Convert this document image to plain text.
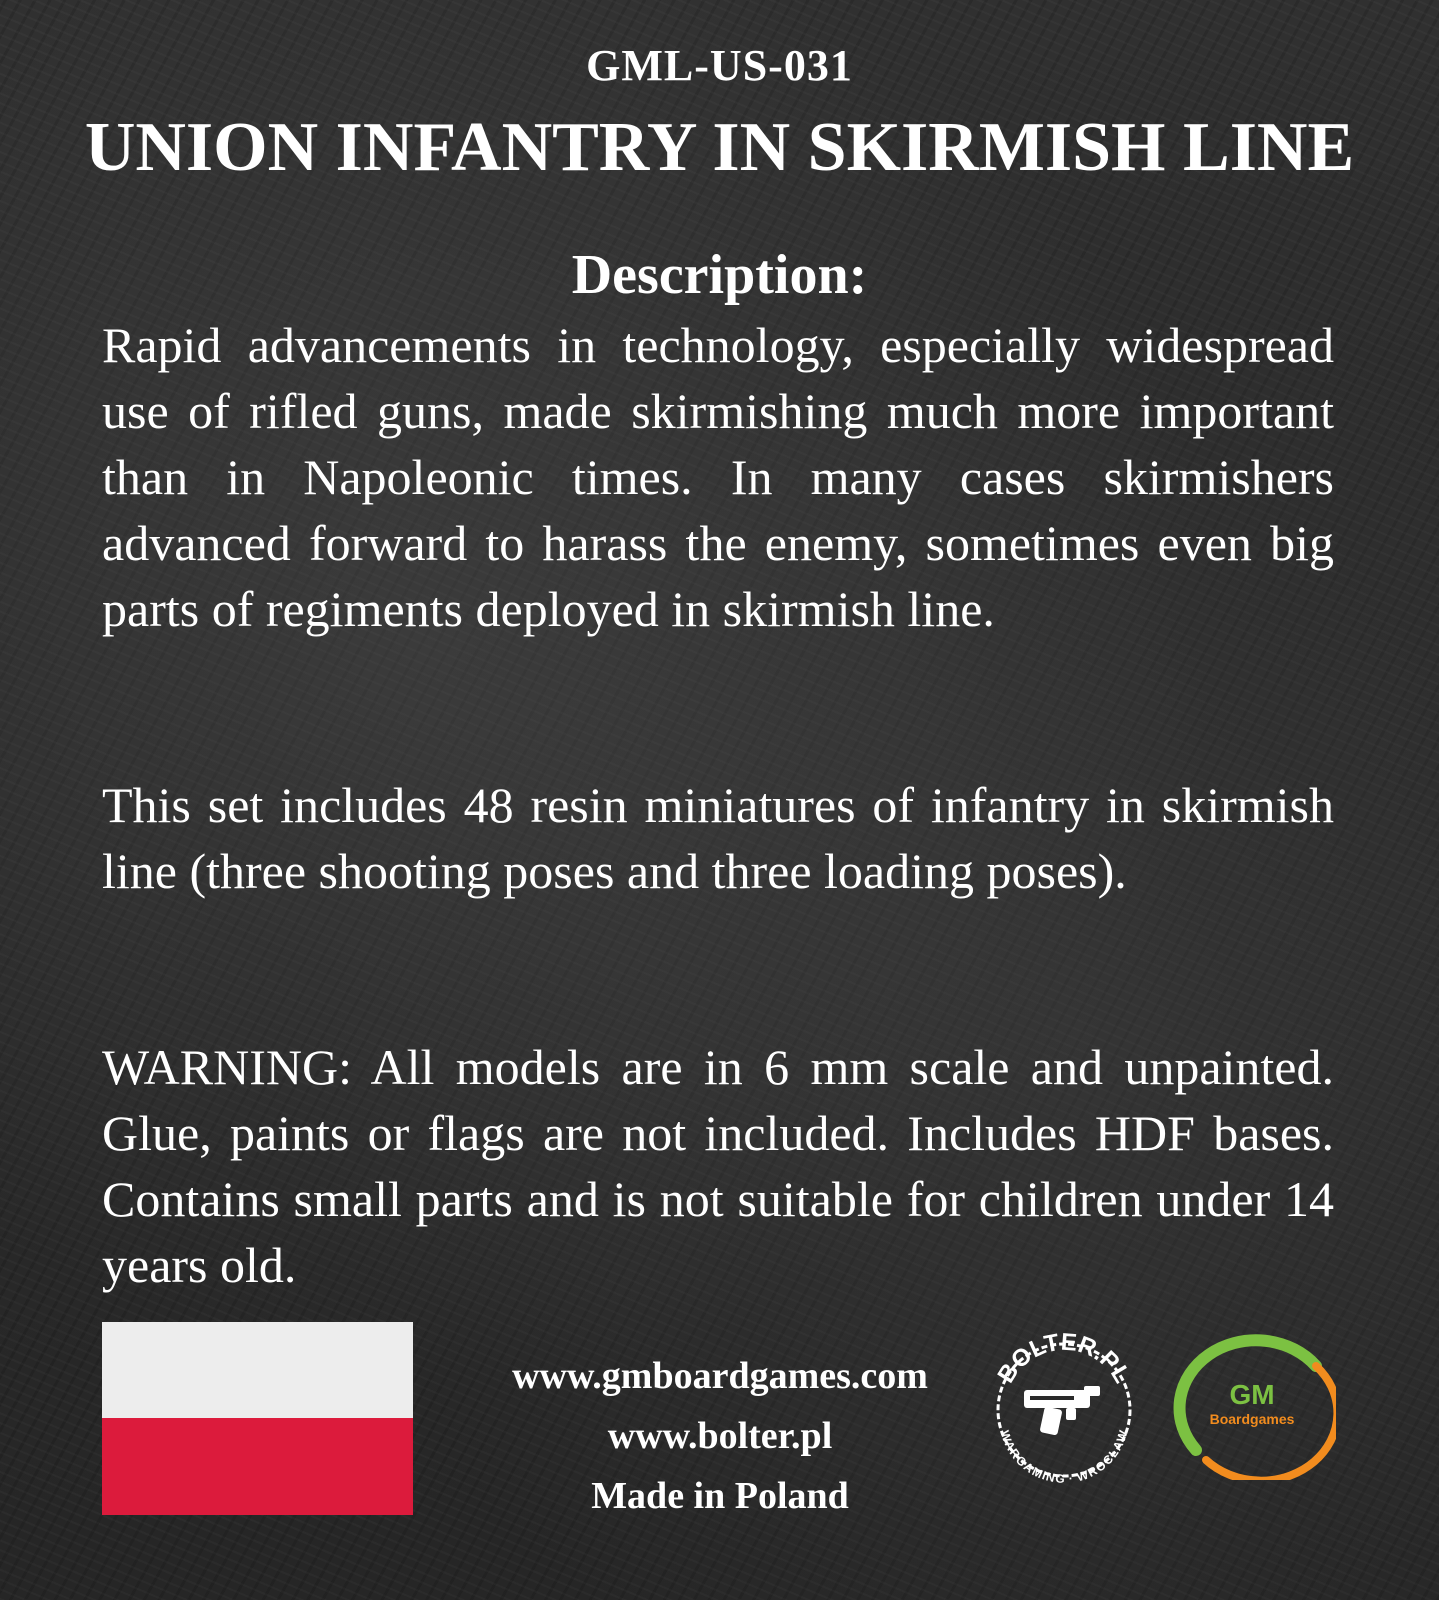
GML-US-031
UNION INFANTRY IN SKIRMISH LINE
Description:

Rapid advancements in technology, especially widespread use of rifled guns, made skirmishing much more important than in Napoleonic times. In many cases skirmishers advanced forward to harass the enemy, sometimes even big parts of regiments deployed in skirmish line.

This set includes 48 resin miniatures of infantry in skirmish line (three shooting poses and three loading poses).

WARNING: All models are in 6 mm scale and unpainted. Glue, paints or flags are not included. Includes HDF bases. Contains small parts and is not suitable for children under 14 years old.

www.gmboardgames.com
www.bolter.pl
Made in Poland
BOLTER.PL
WARGAMING · WROCŁAW
GM
Boardgames
